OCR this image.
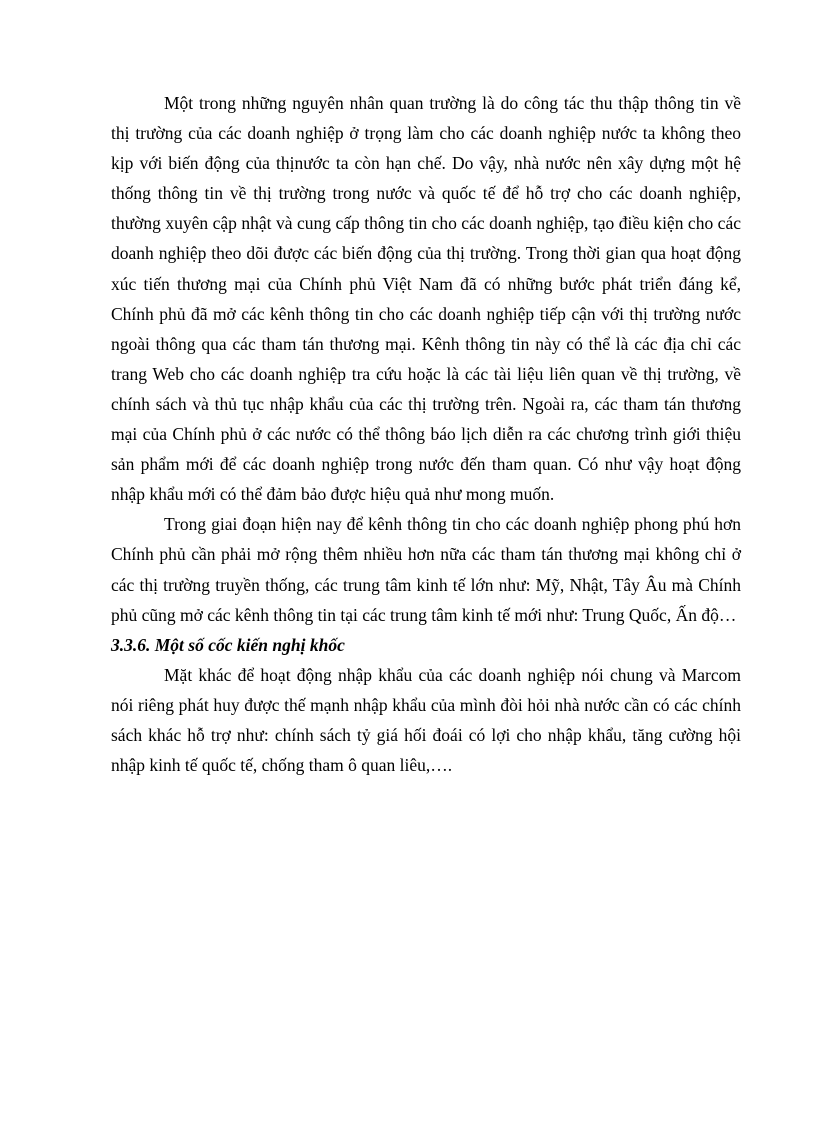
Một trong những nguyên nhân quan trường là do công tác thu thập thông tin về thị trường của các doanh nghiệp ở trọng làm cho các doanh nghiệp nước ta không theo kịp với biến động của thịnước ta còn hạn chế. Do vậy, nhà nước nên xây dựng một hệ thống thông tin về thị trường trong nước và quốc tế để hỗ trợ cho các doanh nghiệp, thường xuyên cập nhật và cung cấp thông tin cho các doanh nghiệp, tạo điều kiện cho các doanh nghiệp theo dõi được các biến động của thị trường. Trong thời gian qua hoạt động xúc tiến thương mại của Chính phủ Việt Nam đã có những bước phát triển đáng kể, Chính phủ đã mở các kênh thông tin cho các doanh nghiệp tiếp cận với thị trường nước ngoài thông qua các tham tán thương mại. Kênh thông tin này có thể là các địa chỉ các trang Web cho các doanh nghiệp tra cứu hoặc là các tài liệu liên quan về thị trường, về chính sách và thủ tục nhập khẩu của các thị trường trên. Ngoài ra, các tham tán thương mại của Chính phủ ở các nước có thể thông báo lịch diễn ra các chương trình giới thiệu sản phẩm mới để các doanh nghiệp trong nước đến tham quan. Có như vậy hoạt động nhập khẩu mới có thể đảm bảo được hiệu quả như mong muốn.

Trong giai đoạn hiện nay để kênh thông tin cho các doanh nghiệp phong phú hơn Chính phủ cần phải mở rộng thêm nhiều hơn nữa các tham tán thương mại không chỉ ở các thị trường truyền thống, các trung tâm kinh tế lớn như: Mỹ, Nhật, Tây Âu mà Chính phủ cũng mở các kênh thông tin tại các trung tâm kinh tế mới như: Trung Quốc, Ấn độ…

3.3.6. Một số cốc kiến nghị khốc

Mặt khác để hoạt động nhập khẩu của các doanh nghiệp nói chung và Marcom nói riêng phát huy được thế mạnh nhập khẩu của mình đòi hỏi nhà nước cần có các chính sách khác hỗ trợ như: chính sách tỷ giá hối đoái có lợi cho nhập khẩu, tăng cường hội nhập kinh tế quốc tế, chống tham ô quan liêu,….
